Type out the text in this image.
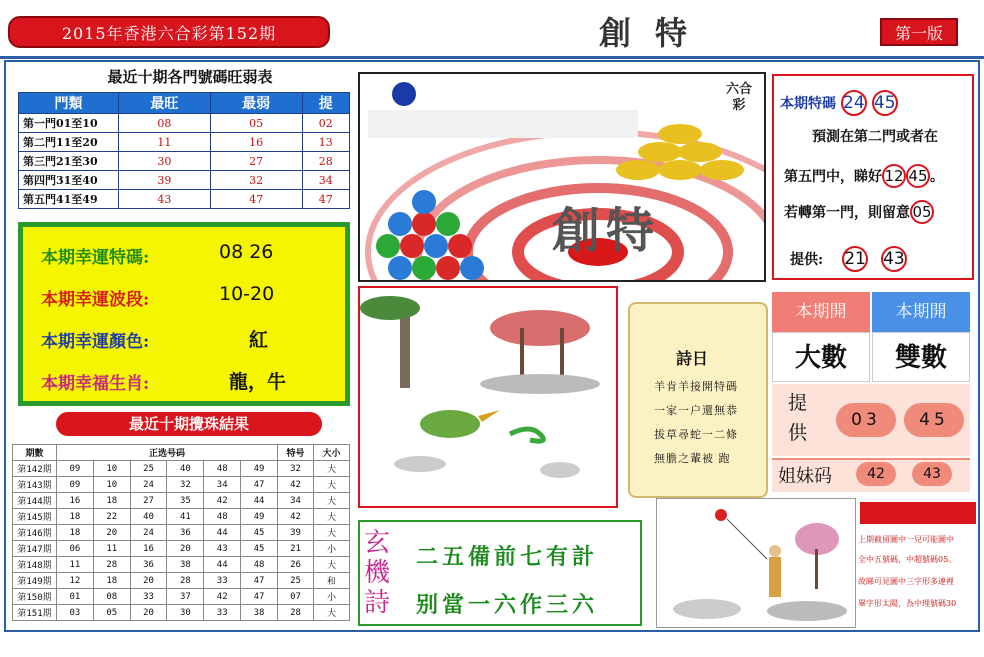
2015年香港六合彩第152期	創特	第一版
最近十期各門號碼旺弱表
門類	最旺	最弱	提
第一門01至10	08	05	02
第二門11至20	11	16	13
第三門21至30	30	27	28
第四門31至40	39	32	34
第五門41至49	43	47	47
本期幸運特碼:	08 26
本期幸運波段:	10-20
本期幸運顏色:	紅
本期幸福生肖:	龍，牛
最近十期攪珠結果
期數	正选号码						特号	大小
第142期	09	10	25	40	48	49	32	大
第143期	09	10	24	32	34	47	42	大
第144期	16	18	27	35	42	44	34	大
第145期	18	22	40	41	48	49	42	大
第146期	18	20	24	36	44	45	39	大
第147期	06	11	16	20	43	45	21	小
第148期	11	28	36	38	44	48	26	大
第149期	12	18	20	28	33	47	25	和
第150期	01	08	33	37	42	47	07	小
第151期	03	05	20	30	33	38	28	大
六合彩
創特
本期特碼 24 45
預測在第二門或者在
第五門中，睇好 12 45 。
若轉第一門，則留意 05
提供: 21 43
詩日
羊肯羊接開特碼
一家一户還無恭
拔草尋蛇一二條
無膽之輩被 跑
本期開	本期開
大數	雙數
提供
03	45
姐妹码	42	43
玄機詩
二五備前七有計
别當一六作三六
上期截留圖中一兒可能圖中
全中五號碼，中超號碼05。
故睇可見圖中三字形多連裡
畢字形太陽，為中理號碼30
